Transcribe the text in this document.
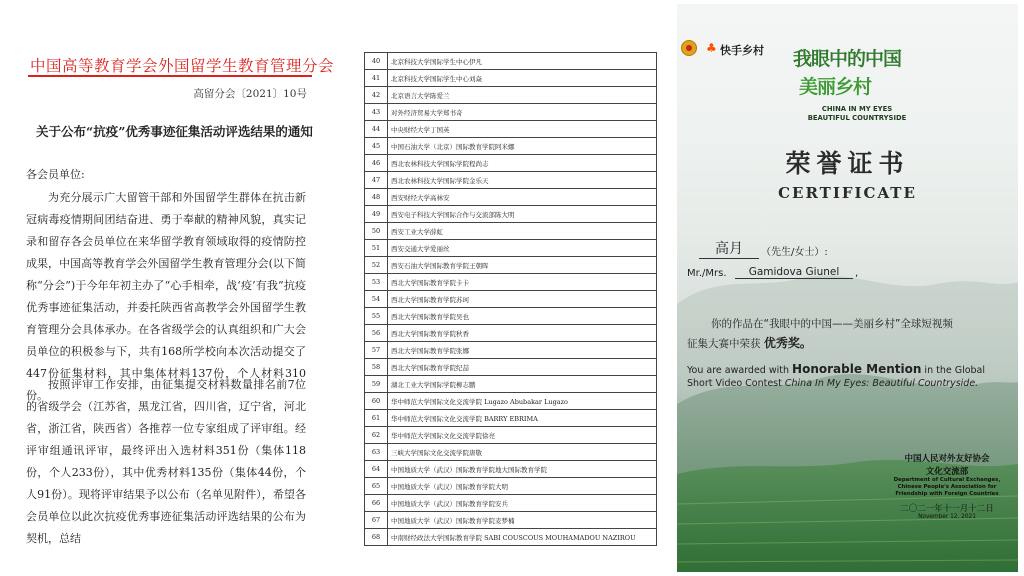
中国高等教育学会外国留学生教育管理分会
高留分会〔2021〕10号
关于公布“抗疫”优秀事迹征集活动评选结果的通知
各会员单位:

为充分展示广大留管干部和外国留学生群体在抗击新冠病毒疫情期间团结奋进、勇于奉献的精神风貌，真实记录和留存各会员单位在来华留学教育领域取得的疫情防控成果，中国高等教育学会外国留学生教育管理分会(以下简称“分会”)于今年年初主办了“心手相牵，战‘疫’有我”抗疫优秀事迹征集活动，并委托陕西省高教学会外国留学生教育管理分会具体承办。在各省级学会的认真组织和广大会员单位的积极参与下，共有168所学校向本次活动提交了447份征集材料，其中集体材料137份，个人材料310份。

按照评审工作安排，由征集提交材料数量排名前7位的省级学会（江苏省，黑龙江省，四川省，辽宁省，河北省，浙江省，陕西省）各推荐一位专家组成了评审组。经评审组通讯评审，最终评出入选材料351份（集体118份，个人233份），其中优秀材料135份（集体44份，个人91份）。现将评审结果予以公布（名单见附件），希望各会员单位以此次抗疫优秀事迹征集活动评选结果的公布为契机，总结

40	北京科技大学国际学生中心伊凡
41	北京科技大学国际学生中心刘焱
42	北京语言大学陈爱兰
43	对外经济贸易大学郑书奇
44	中央财经大学丁国英
45	中国石油大学（北京）国际教育学院阿米娜
46	西北农林科技大学国际学院程尚志
47	西北农林科技大学国际学院金乐天
48	西安财经大学高林安
49	西安电子科技大学国际合作与交流部陈大明
50	西安工业大学薛虹
51	西安交通大学爱丽丝
52	西安石油大学国际教育学院王朝晖
53	西北大学国际教育学院卡卡
54	西北大学国际教育学院苏珂
55	西北大学国际教育学院吴也
56	西北大学国际教育学院秋香
57	西北大学国际教育学院张娜
58	西北大学国际教育学院纪喆
59	湖北工业大学国际学院柳志鹏
60	华中师范大学国际文化交流学院 Lugazo Abubakar Lugazo
61	华中师范大学国际文化交流学院 BARRY EBRIMA
62	华中师范大学国际文化交流学院徐亮
63	三峡大学国际文化交流学院唐敬
64	中国地质大学（武汉）国际教育学院地大国际教育学院
65	中国地质大学（武汉）国际教育学院大明
66	中国地质大学（武汉）国际教育学院安兵
67	中国地质大学（武汉）国际教育学院麦梦楠
68	中南财经政法大学国际教育学院 SABI COUSCOUS MOUHAMADOU NAZIROU
♣ 快手乡村 我眼中的中国
美丽乡村
CHINA IN MY EYES
BEAUTIFUL COUNTRYSIDE
荣誉证书
CERTIFICATE
高月	（先生/女士）:
Mr./Mrs.	Gamidova Giunel	,
你的作品在“我眼中的中国——美丽乡村”全球短视频
征集大赛中荣获 优秀奖。
You are awarded with Honorable Mention in the Global
Short Video Contest China In My Eyes: Beautiful Countryside.
中国人民对外友好协会
文化交流部
Department of Cultural Exchanges,
Chinese People's Association for
Friendship with Foreign Countries
二〇二一年十一月十二日
November 12, 2021
